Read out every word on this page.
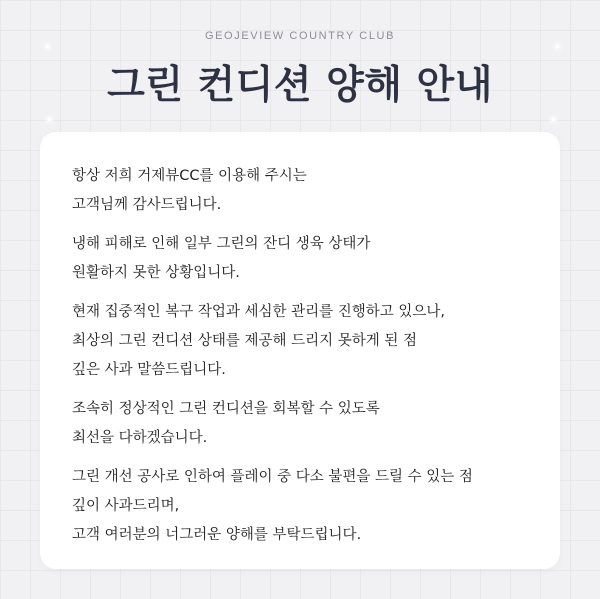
GEOJEVIEW COUNTRY CLUB
그린 컨디션 양해 안내
항상 저희 거제뷰CC를 이용해 주시는
고객님께 감사드립니다.
냉해 피해로 인해 일부 그린의 잔디 생육 상태가
원활하지 못한 상황입니다.
현재 집중적인 복구 작업과 세심한 관리를 진행하고 있으나,
최상의 그린 컨디션 상태를 제공해 드리지 못하게 된 점
깊은 사과 말씀드립니다.
조속히 정상적인 그린 컨디션을 회복할 수 있도록
최선을 다하겠습니다.
그린 개선 공사로 인하여 플레이 중 다소 불편을 드릴 수 있는 점
깊이 사과드리며,
고객 여러분의 너그러운 양해를 부탁드립니다.
